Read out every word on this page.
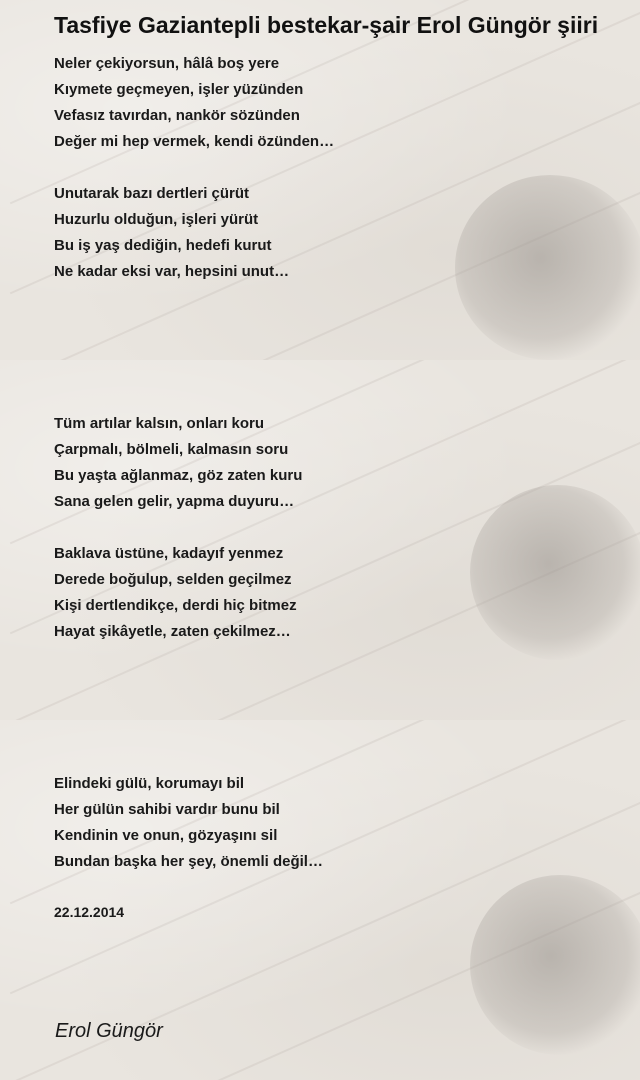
Tasfiye Gaziantepli bestekar-şair Erol Güngör şiiri
Neler çekiyorsun, hâlâ boş yere
Kıymete geçmeyen, işler yüzünden
Vefasız tavırdan, nankör sözünden
Değer mi hep vermek, kendi özünden…
Unutarak bazı dertleri çürüt
Huzurlu olduğun, işleri yürüt
Bu iş yaş dediğin, hedefi kurut
Ne kadar eksi var, hepsini unut…
Tüm artılar kalsın, onları koru
Çarpmalı, bölmeli, kalmasın soru
Bu yaşta ağlanmaz, göz zaten kuru
Sana gelen gelir, yapma duyuru…
Baklava üstüne, kadayıf yenmez
Derede boğulup, selden geçilmez
Kişi dertlendikçe, derdi hiç bitmez
Hayat şikâyetle, zaten çekilmez…
Elindeki gülü, korumayı bil
Her gülün sahibi vardır bunu bil
Kendinin ve onun, gözyaşını sil
Bundan başka her şey, önemli değil…
22.12.2014
Erol Güngör
